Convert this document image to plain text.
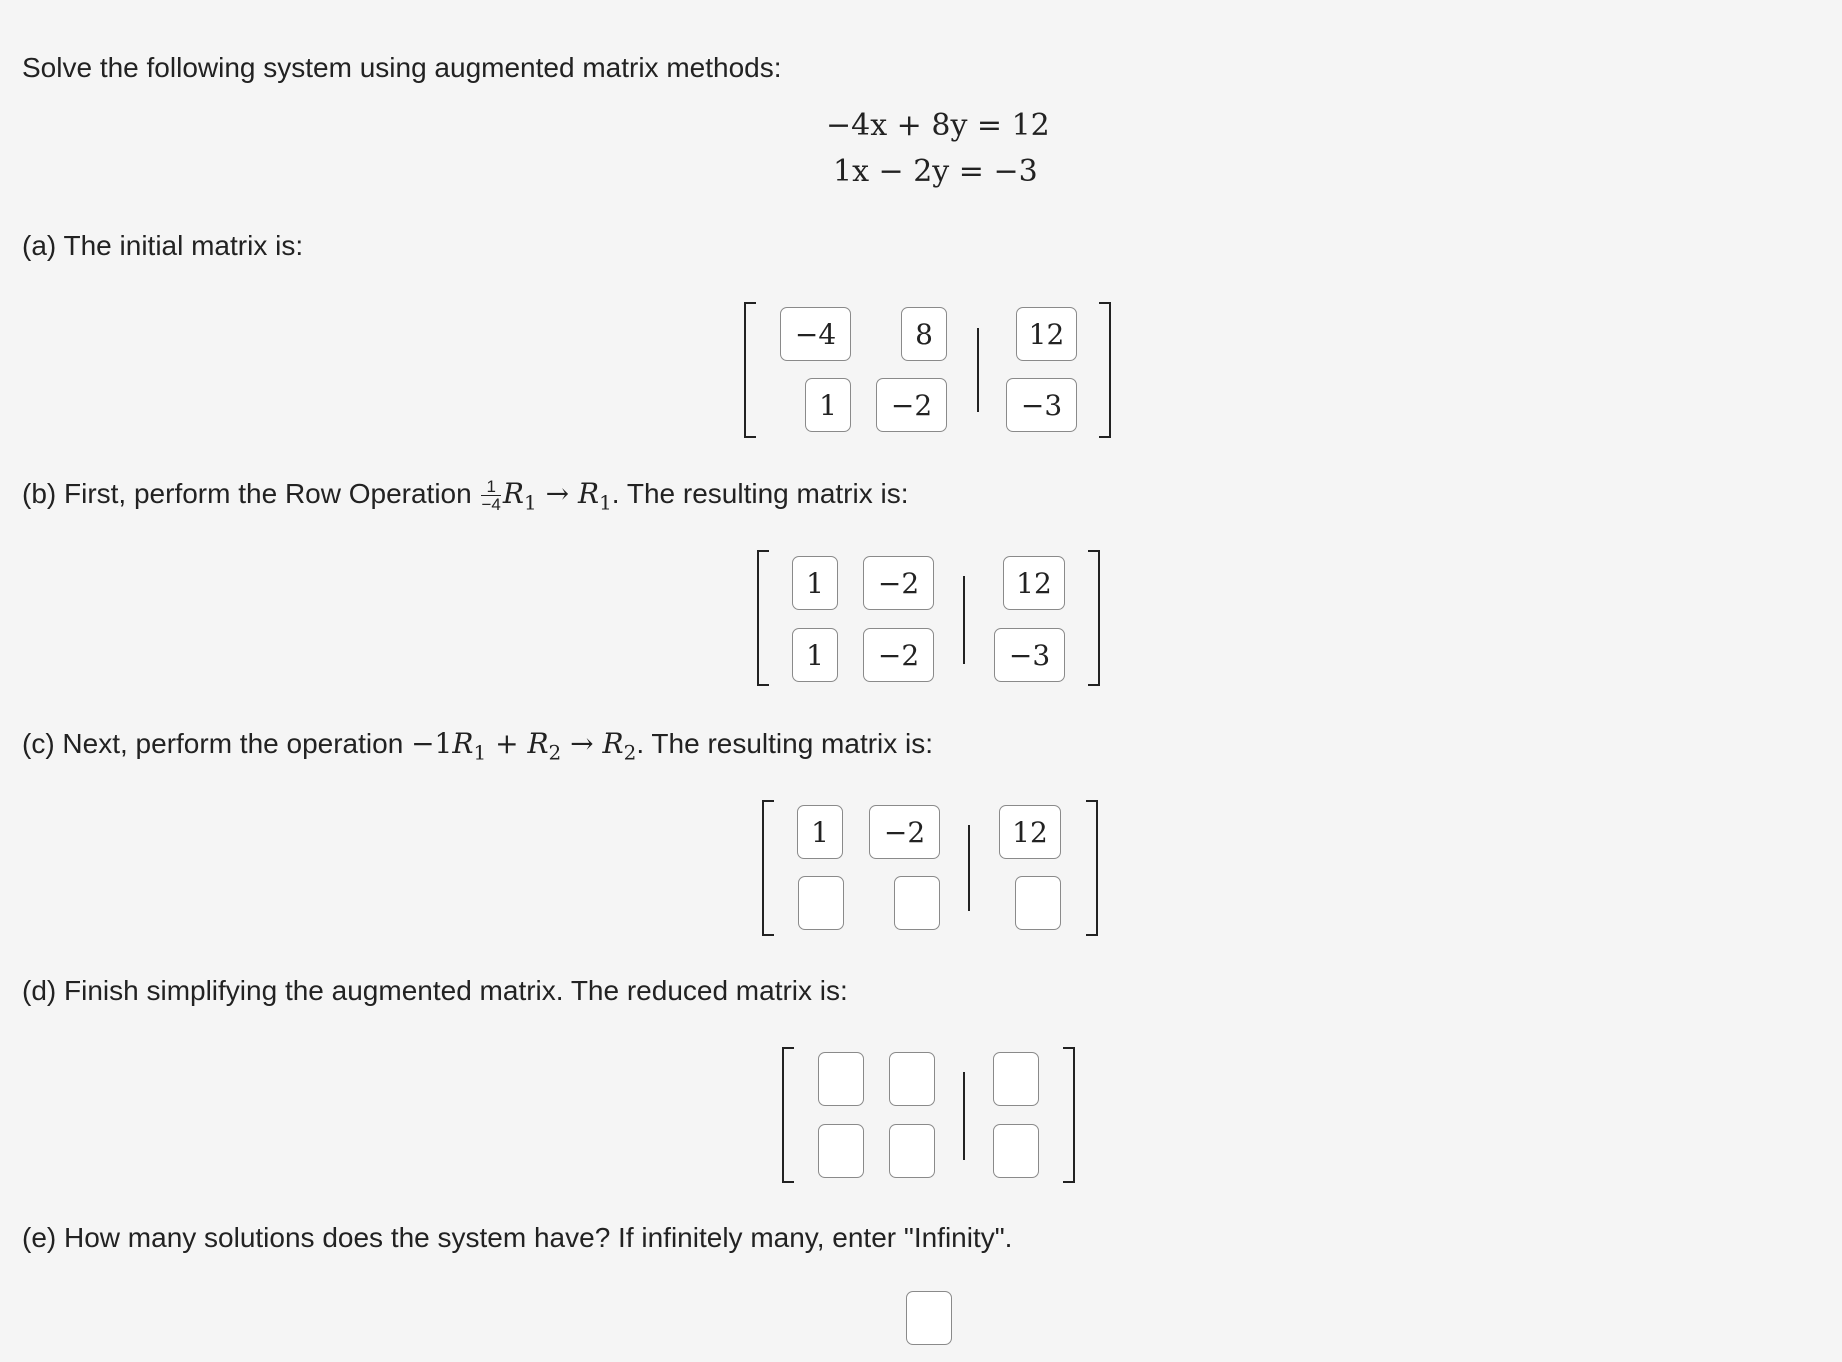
Solve the following system using augmented matrix methods:
−4x + 8y = 12
1x − 2y = −3
(a) The initial matrix is:
−4	8	12
1	−2	−3
(b) First, perform the Row Operation $\frac{1}{-4} R_1 \to R_1$. The resulting matrix is:
1	−2	12
1	−2	−3
(c) Next, perform the operation $-1R_1 + R_2 \to R_2$. The resulting matrix is:
1	−2	12
(d) Finish simplifying the augmented matrix. The reduced matrix is:
(e) How many solutions does the system have? If infinitely many, enter "Infinity".
